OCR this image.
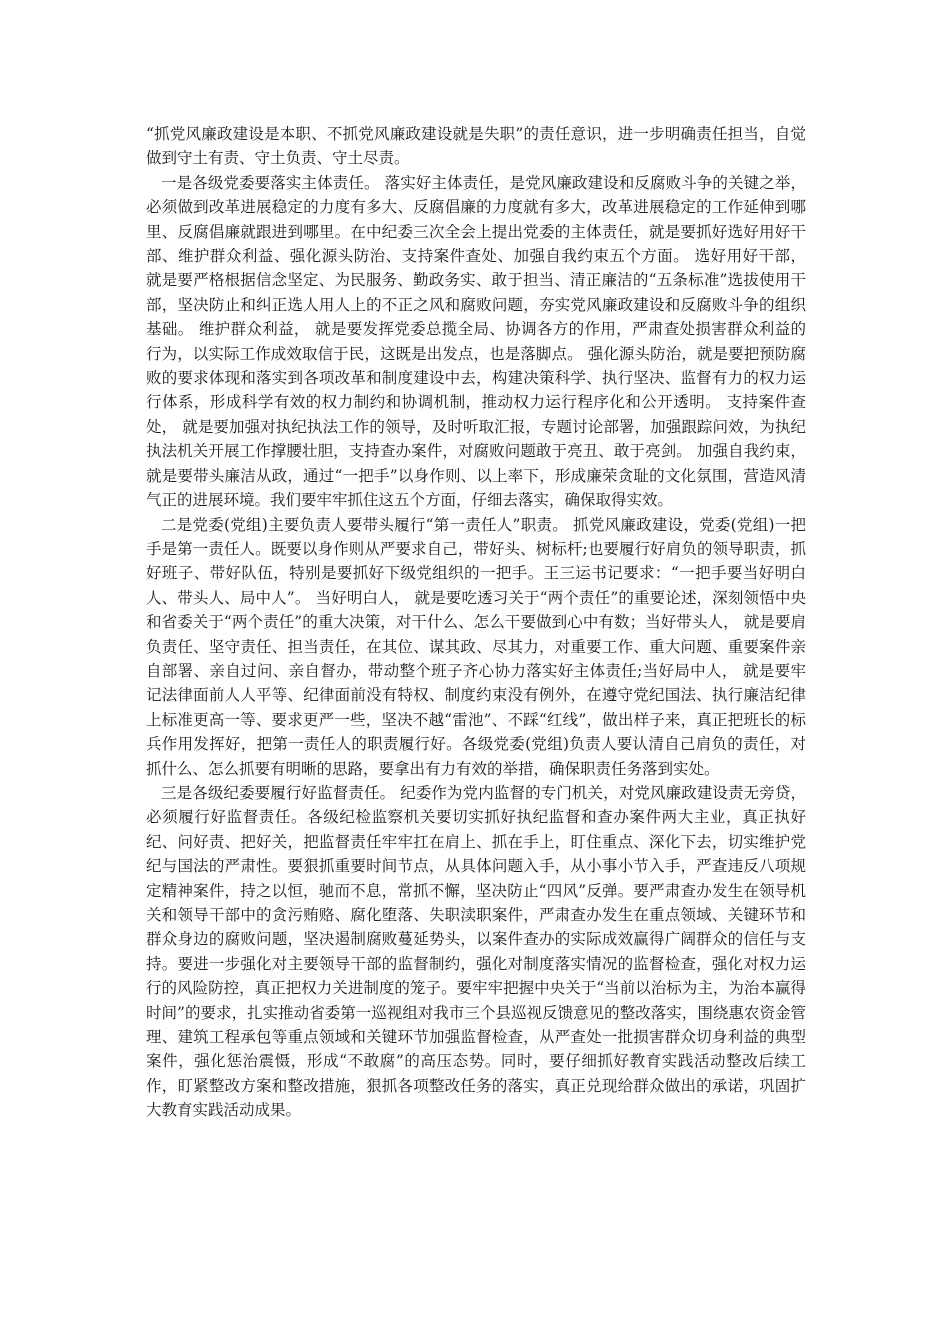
“抓党风廉政建设是本职、不抓党风廉政建设就是失职”的责任意识，进一步明确责任担当，自觉做到守土有责、守土负责、守土尽责。

一是各级党委要落实主体责任。 落实好主体责任，是党风廉政建设和反腐败斗争的关键之举，必须做到改革进展稳定的力度有多大、反腐倡廉的力度就有多大，改革进展稳定的工作延伸到哪里、反腐倡廉就跟进到哪里。在中纪委三次全会上提出党委的主体责任，就是要抓好选好用好干部、维护群众利益、强化源头防治、支持案件查处、加强自我约束五个方面。 选好用好干部， 就是要严格根据信念坚定、为民服务、勤政务实、敢于担当、清正廉洁的“五条标准”选拔使用干部，坚决防止和纠正选人用人上的不正之风和腐败问题，夯实党风廉政建设和反腐败斗争的组织基础。 维护群众利益， 就是要发挥党委总揽全局、协调各方的作用，严肃查处损害群众利益的行为，以实际工作成效取信于民，这既是出发点，也是落脚点。 强化源头防治，就是要把预防腐败的要求体现和落实到各项改革和制度建设中去，构建决策科学、执行坚决、监督有力的权力运行体系，形成科学有效的权力制约和协调机制，推动权力运行程序化和公开透明。 支持案件查处， 就是要加强对执纪执法工作的领导，及时听取汇报，专题讨论部署，加强跟踪问效，为执纪执法机关开展工作撑腰壮胆，支持查办案件，对腐败问题敢于亮丑、敢于亮剑。 加强自我约束， 就是要带头廉洁从政，通过“一把手”以身作则、以上率下，形成廉荣贪耻的文化氛围，营造风清气正的进展环境。我们要牢牢抓住这五个方面，仔细去落实，确保取得实效。

二是党委(党组)主要负责人要带头履行“第一责任人”职责。 抓党风廉政建设，党委(党组)一把手是第一责任人。既要以身作则从严要求自己，带好头、树标杆;也要履行好肩负的领导职责，抓好班子、带好队伍，特别是要抓好下级党组织的一把手。王三运书记要求：“一把手要当好明白人、带头人、局中人”。 当好明白人， 就是要吃透习关于“两个责任”的重要论述，深刻领悟中央和省委关于“两个责任”的重大决策，对干什么、怎么干要做到心中有数；当好带头人， 就是要肩负责任、坚守责任、担当责任，在其位、谋其政、尽其力，对重要工作、重大问题、重要案件亲自部署、亲自过问、亲自督办，带动整个班子齐心协力落实好主体责任;当好局中人， 就是要牢记法律面前人人平等、纪律面前没有特权、制度约束没有例外，在遵守党纪国法、执行廉洁纪律上标准更高一等、要求更严一些，坚决不越“雷池”、不踩“红线”，做出样子来，真正把班长的标兵作用发挥好，把第一责任人的职责履行好。各级党委(党组)负责人要认清自己肩负的责任，对抓什么、怎么抓要有明晰的思路，要拿出有力有效的举措，确保职责任务落到实处。

三是各级纪委要履行好监督责任。 纪委作为党内监督的专门机关，对党风廉政建设责无旁贷，必须履行好监督责任。各级纪检监察机关要切实抓好执纪监督和查办案件两大主业，真正执好纪、问好责、把好关，把监督责任牢牢扛在肩上、抓在手上，盯住重点、深化下去，切实维护党纪与国法的严肃性。要狠抓重要时间节点，从具体问题入手，从小事小节入手，严查违反八项规定精神案件，持之以恒，驰而不息，常抓不懈，坚决防止“四风”反弹。要严肃查办发生在领导机关和领导干部中的贪污贿赂、腐化堕落、失职渎职案件，严肃查办发生在重点领域、关键环节和群众身边的腐败问题，坚决遏制腐败蔓延势头，以案件查办的实际成效赢得广阔群众的信任与支持。要进一步强化对主要领导干部的监督制约，强化对制度落实情况的监督检查，强化对权力运行的风险防控，真正把权力关进制度的笼子。要牢牢把握中央关于“当前以治标为主，为治本赢得时间”的要求，扎实推动省委第一巡视组对我市三个县巡视反馈意见的整改落实，围绕惠农资金管理、建筑工程承包等重点领域和关键环节加强监督检查，从严查处一批损害群众切身利益的典型案件，强化惩治震慑，形成“不敢腐”的高压态势。同时，要仔细抓好教育实践活动整改后续工作，盯紧整改方案和整改措施，狠抓各项整改任务的落实，真正兑现给群众做出的承诺，巩固扩大教育实践活动成果。
